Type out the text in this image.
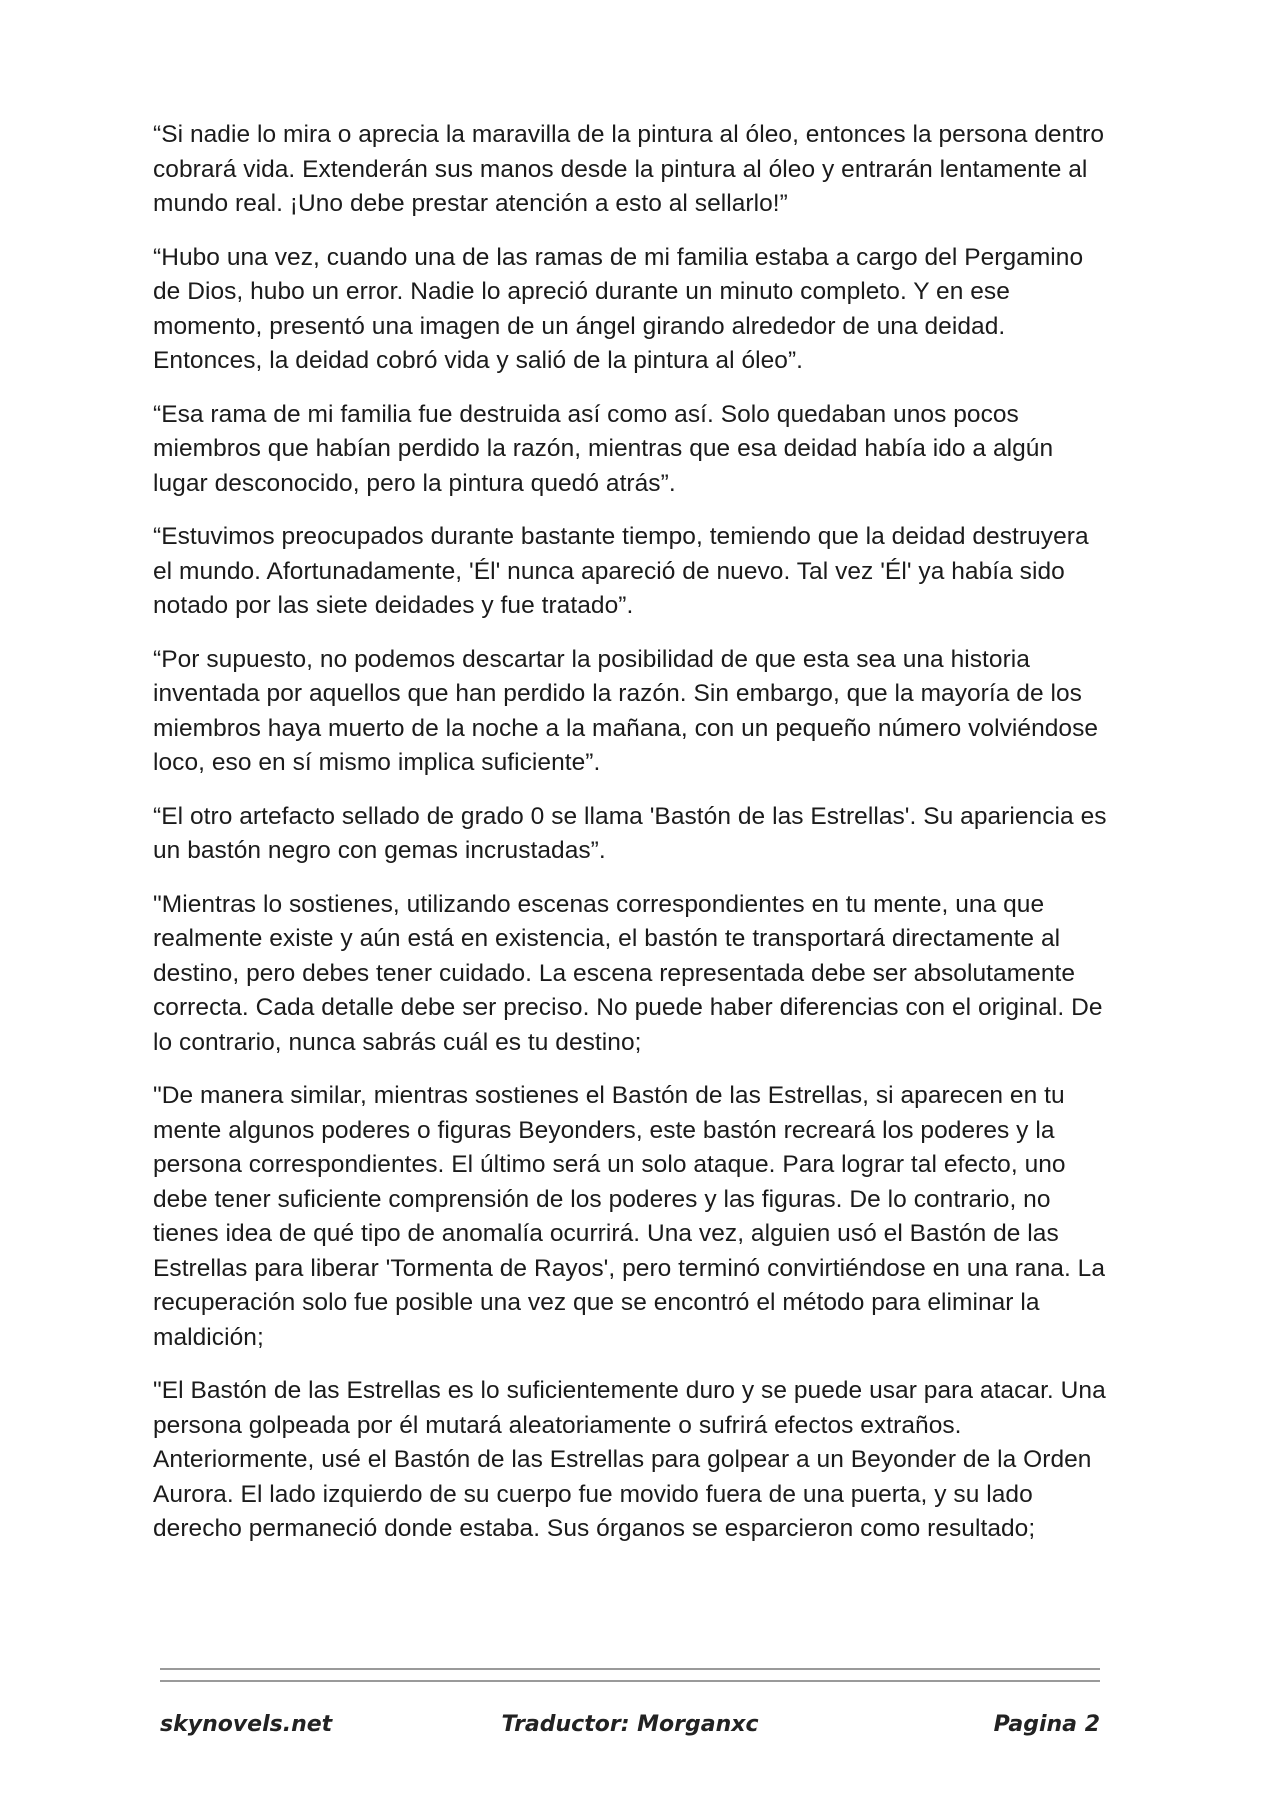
“Si nadie lo mira o aprecia la maravilla de la pintura al óleo, entonces la persona dentro cobrará vida. Extenderán sus manos desde la pintura al óleo y entrarán lentamente al mundo real. ¡Uno debe prestar atención a esto al sellarlo!”

“Hubo una vez, cuando una de las ramas de mi familia estaba a cargo del Pergamino de Dios, hubo un error. Nadie lo apreció durante un minuto completo. Y en ese momento, presentó una imagen de un ángel girando alrededor de una deidad. Entonces, la deidad cobró vida y salió de la pintura al óleo”.

“Esa rama de mi familia fue destruida así como así. Solo quedaban unos pocos miembros que habían perdido la razón, mientras que esa deidad había ido a algún lugar desconocido, pero la pintura quedó atrás”.

“Estuvimos preocupados durante bastante tiempo, temiendo que la deidad destruyera el mundo. Afortunadamente, 'Él' nunca apareció de nuevo. Tal vez 'Él' ya había sido notado por las siete deidades y fue tratado”.

“Por supuesto, no podemos descartar la posibilidad de que esta sea una historia inventada por aquellos que han perdido la razón. Sin embargo, que la mayoría de los miembros haya muerto de la noche a la mañana, con un pequeño número volviéndose loco, eso en sí mismo implica suficiente”.

“El otro artefacto sellado de grado 0 se llama 'Bastón de las Estrellas'. Su apariencia es un bastón negro con gemas incrustadas”.

"Mientras lo sostienes, utilizando escenas correspondientes en tu mente, una que realmente existe y aún está en existencia, el bastón te transportará directamente al destino, pero debes tener cuidado. La escena representada debe ser absolutamente correcta. Cada detalle debe ser preciso. No puede haber diferencias con el original. De lo contrario, nunca sabrás cuál es tu destino;

"De manera similar, mientras sostienes el Bastón de las Estrellas, si aparecen en tu mente algunos poderes o figuras Beyonders, este bastón recreará los poderes y la persona correspondientes. El último será un solo ataque. Para lograr tal efecto, uno debe tener suficiente comprensión de los poderes y las figuras. De lo contrario, no tienes idea de qué tipo de anomalía ocurrirá. Una vez, alguien usó el Bastón de las Estrellas para liberar 'Tormenta de Rayos', pero terminó convirtiéndose en una rana. La recuperación solo fue posible una vez que se encontró el método para eliminar la maldición;

"El Bastón de las Estrellas es lo suficientemente duro y se puede usar para atacar. Una persona golpeada por él mutará aleatoriamente o sufrirá efectos extraños. Anteriormente, usé el Bastón de las Estrellas para golpear a un Beyonder de la Orden Aurora. El lado izquierdo de su cuerpo fue movido fuera de una puerta, y su lado derecho permaneció donde estaba. Sus órganos se esparcieron como resultado;

skynovels.net	Traductor: Morganxc	Pagina 2
